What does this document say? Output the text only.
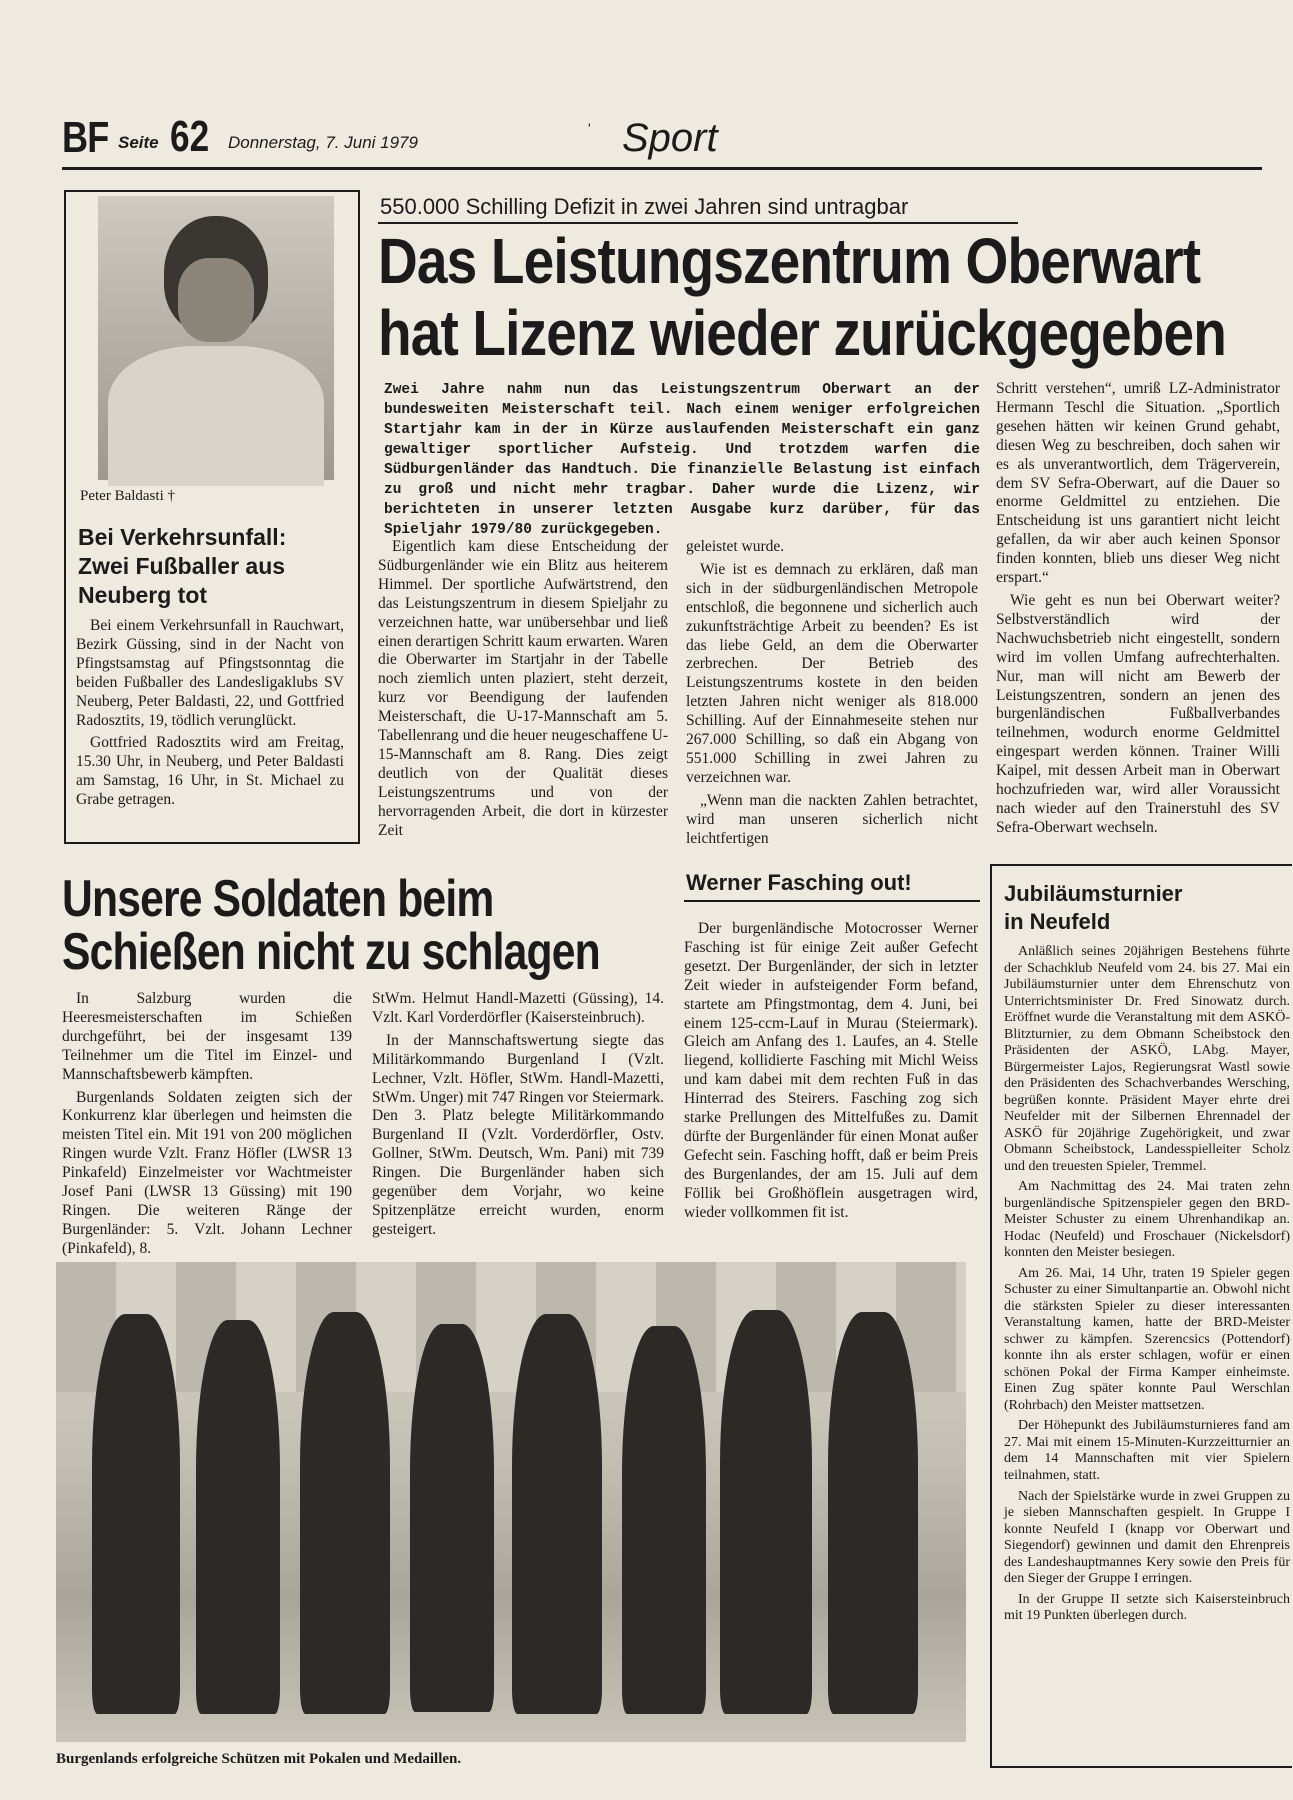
BF Seite 62 Donnerstag, 7. Juni 1979
' Sport
Peter Baldasti †
Bei Verkehrsunfall: Zwei Fußballer aus Neuberg tot

Bei einem Verkehrsunfall in Rauchwart, Bezirk Güssing, sind in der Nacht von Pfingstsamstag auf Pfingstsonntag die beiden Fußballer des Landesligaklubs SV Neuberg, Peter Baldasti, 22, und Gottfried Radosztits, 19, tödlich verunglückt.

Gottfried Radosztits wird am Freitag, 15.30 Uhr, in Neuberg, und Peter Baldasti am Samstag, 16 Uhr, in St. Michael zu Grabe getragen.

550.000 Schilling Defizit in zwei Jahren sind untragbar
Das Leistungszentrum Oberwart
hat Lizenz wieder zurückgegeben
Zwei Jahre nahm nun das Leistungszentrum Oberwart an der bundesweiten Meisterschaft teil. Nach einem weniger erfolgreichen Startjahr kam in der in Kürze auslaufenden Meisterschaft ein ganz gewaltiger sportlicher Aufsteig. Und trotzdem warfen die Südburgenländer das Handtuch. Die finanzielle Belastung ist einfach zu groß und nicht mehr tragbar. Daher wurde die Lizenz, wir berichteten in unserer letzten Ausgabe kurz darüber, für das Spieljahr 1979/80 zurückgegeben.

Eigentlich kam diese Entscheidung der Südburgenländer wie ein Blitz aus heiterem Himmel. Der sportliche Aufwärtstrend, den das Leistungszentrum in diesem Spieljahr zu verzeichnen hatte, war unübersehbar und ließ einen derartigen Schritt kaum erwarten. Waren die Oberwarter im Startjahr in der Tabelle noch ziemlich unten plaziert, steht derzeit, kurz vor Beendigung der laufenden Meisterschaft, die U-17-Mannschaft am 5. Tabellenrang und die heuer neugeschaffene U-15-Mannschaft am 8. Rang. Dies zeigt deutlich von der Qualität dieses Leistungszentrums und von der hervorragenden Arbeit, die dort in kürzester Zeit

geleistet wurde.

Wie ist es demnach zu erklären, daß man sich in der südburgenländischen Metropole entschloß, die begonnene und sicherlich auch zukunftsträchtige Arbeit zu beenden? Es ist das liebe Geld, an dem die Oberwarter zerbrechen. Der Betrieb des Leistungszentrums kostete in den beiden letzten Jahren nicht weniger als 818.000 Schilling. Auf der Einnahmeseite stehen nur 267.000 Schilling, so daß ein Abgang von 551.000 Schilling in zwei Jahren zu verzeichnen war.

„Wenn man die nackten Zahlen betrachtet, wird man unseren sicherlich nicht leichtfertigen

Schritt verstehen“, umriß LZ-Administrator Hermann Teschl die Situation. „Sportlich gesehen hätten wir keinen Grund gehabt, diesen Weg zu beschreiben, doch sahen wir es als unverantwortlich, dem Trägerverein, dem SV Sefra-Oberwart, auf die Dauer so enorme Geldmittel zu entziehen. Die Entscheidung ist uns garantiert nicht leicht gefallen, da wir aber auch keinen Sponsor finden konnten, blieb uns dieser Weg nicht erspart.“

Wie geht es nun bei Oberwart weiter? Selbstverständlich wird der Nachwuchsbetrieb nicht eingestellt, sondern wird im vollen Umfang aufrechterhalten. Nur, man will nicht am Bewerb der Leistungszentren, sondern an jenen des burgenländischen Fußballverbandes teilnehmen, wodurch enorme Geldmittel eingespart werden können. Trainer Willi Kaipel, mit dessen Arbeit man in Oberwart hochzufrieden war, wird aller Voraussicht nach wieder auf den Trainerstuhl des SV Sefra-Oberwart wechseln.

Unsere Soldaten beim
Schießen nicht zu schlagen

In Salzburg wurden die Heeresmeisterschaften im Schießen durchgeführt, bei der insgesamt 139 Teilnehmer um die Titel im Einzel- und Mannschaftsbewerb kämpften.

Burgenlands Soldaten zeigten sich der Konkurrenz klar überlegen und heimsten die meisten Titel ein. Mit 191 von 200 möglichen Ringen wurde Vzlt. Franz Höfler (LWSR 13 Pinkafeld) Einzelmeister vor Wachtmeister Josef Pani (LWSR 13 Güssing) mit 190 Ringen. Die weiteren Ränge der Burgenländer: 5. Vzlt. Johann Lechner (Pinkafeld), 8.

StWm. Helmut Handl-Mazetti (Güssing), 14. Vzlt. Karl Vorderdörfler (Kaisersteinbruch).

In der Mannschaftswertung siegte das Militärkommando Burgenland I (Vzlt. Lechner, Vzlt. Höfler, StWm. Handl-Mazetti, StWm. Unger) mit 747 Ringen vor Steiermark. Den 3. Platz belegte Militärkommando Burgenland II (Vzlt. Vorderdörfler, Ostv. Gollner, StWm. Deutsch, Wm. Pani) mit 739 Ringen. Die Burgenländer haben sich gegenüber dem Vorjahr, wo keine Spitzenplätze erreicht wurden, enorm gesteigert.

Burgenlands erfolgreiche Schützen mit Pokalen und Medaillen.
Werner Fasching out!

Der burgenländische Motocrosser Werner Fasching ist für einige Zeit außer Gefecht gesetzt. Der Burgenländer, der sich in letzter Zeit wieder in aufsteigender Form befand, startete am Pfingstmontag, dem 4. Juni, bei einem 125-ccm-Lauf in Murau (Steiermark). Gleich am Anfang des 1. Laufes, an 4. Stelle liegend, kollidierte Fasching mit Michl Weiss und kam dabei mit dem rechten Fuß in das Hinterrad des Steirers. Fasching zog sich starke Prellungen des Mittelfußes zu. Damit dürfte der Burgenländer für einen Monat außer Gefecht sein. Fasching hofft, daß er beim Preis des Burgenlandes, der am 15. Juli auf dem Föllik bei Großhöflein ausgetragen wird, wieder vollkommen fit ist.

Jubiläumsturnier in Neufeld

Anläßlich seines 20jährigen Bestehens führte der Schachklub Neufeld vom 24. bis 27. Mai ein Jubiläumsturnier unter dem Ehrenschutz von Unterrichtsminister Dr. Fred Sinowatz durch. Eröffnet wurde die Veranstaltung mit dem ASKÖ-Blitzturnier, zu dem Obmann Scheibstock den Präsidenten der ASKÖ, LAbg. Mayer, Bürgermeister Lajos, Regierungsrat Wastl sowie den Präsidenten des Schachverbandes Wersching, begrüßen konnte. Präsident Mayer ehrte drei Neufelder mit der Silbernen Ehrennadel der ASKÖ für 20jährige Zugehörigkeit, und zwar Obmann Scheibstock, Landesspielleiter Scholz und den treuesten Spieler, Tremmel.

Am Nachmittag des 24. Mai traten zehn burgenländische Spitzenspieler gegen den BRD-Meister Schuster zu einem Uhrenhandikap an. Hodac (Neufeld) und Froschauer (Nickelsdorf) konnten den Meister besiegen.

Am 26. Mai, 14 Uhr, traten 19 Spieler gegen Schuster zu einer Simultanpartie an. Obwohl nicht die stärksten Spieler zu dieser interessanten Veranstaltung kamen, hatte der BRD-Meister schwer zu kämpfen. Szerencsics (Pottendorf) konnte ihn als erster schlagen, wofür er einen schönen Pokal der Firma Kamper einheimste. Einen Zug später konnte Paul Werschlan (Rohrbach) den Meister mattsetzen.

Der Höhepunkt des Jubiläumsturnieres fand am 27. Mai mit einem 15-Minuten-Kurzzeitturnier an dem 14 Mannschaften mit vier Spielern teilnahmen, statt.

Nach der Spielstärke wurde in zwei Gruppen zu je sieben Mannschaften gespielt. In Gruppe I konnte Neufeld I (knapp vor Oberwart und Siegendorf) gewinnen und damit den Ehrenpreis des Landeshauptmannes Kery sowie den Preis für den Sieger der Gruppe I erringen.

In der Gruppe II setzte sich Kaisersteinbruch mit 19 Punkten überlegen durch.
